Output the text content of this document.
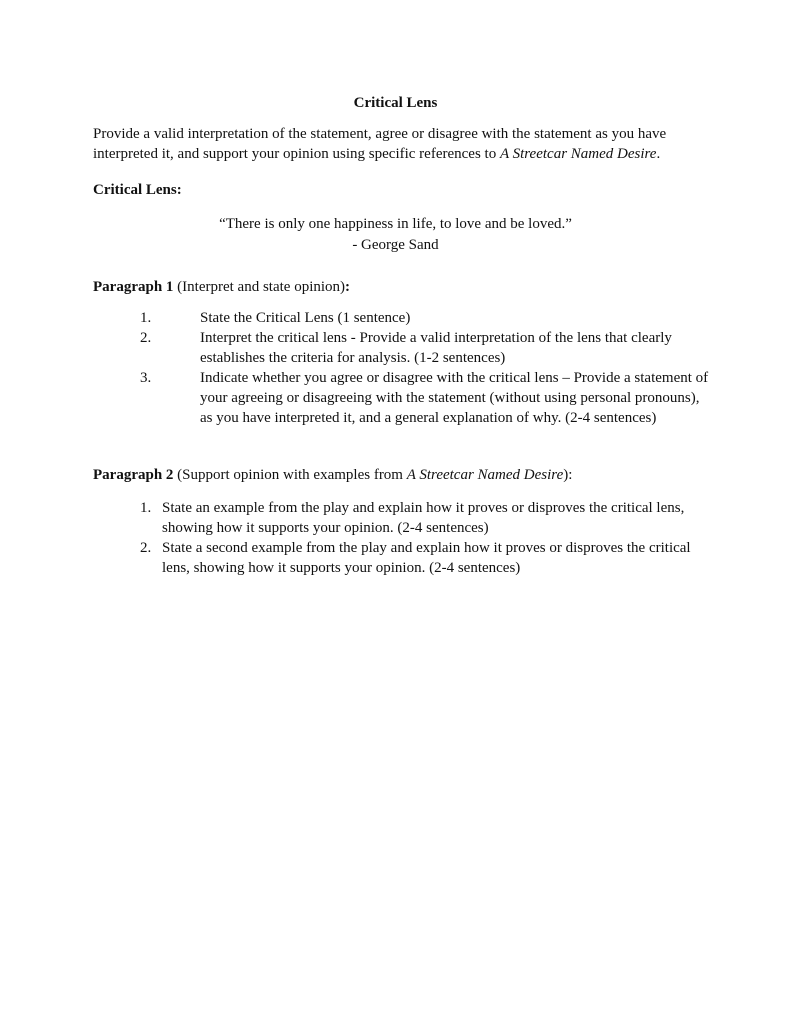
Critical Lens
Provide a valid interpretation of the statement, agree or disagree with the statement as you have interpreted it, and support your opinion using specific references to A Streetcar Named Desire.
Critical Lens:
“There is only one happiness in life, to love and be loved.”
- George Sand
Paragraph 1 (Interpret and state opinion):
1.	State the Critical Lens (1 sentence)
2.	Interpret the critical lens - Provide a valid interpretation of the lens that clearly establishes the criteria for analysis. (1-2 sentences)
3.	Indicate whether you agree or disagree with the critical lens – Provide a statement of your agreeing or disagreeing with the statement (without using personal pronouns), as you have interpreted it, and a general explanation of why. (2-4 sentences)
Paragraph 2 (Support opinion with examples from A Streetcar Named Desire):
1. State an example from the play and explain how it proves or disproves the critical lens, showing how it supports your opinion. (2-4 sentences)
2. State a second example from the play and explain how it proves or disproves the critical lens, showing how it supports your opinion. (2-4 sentences)
